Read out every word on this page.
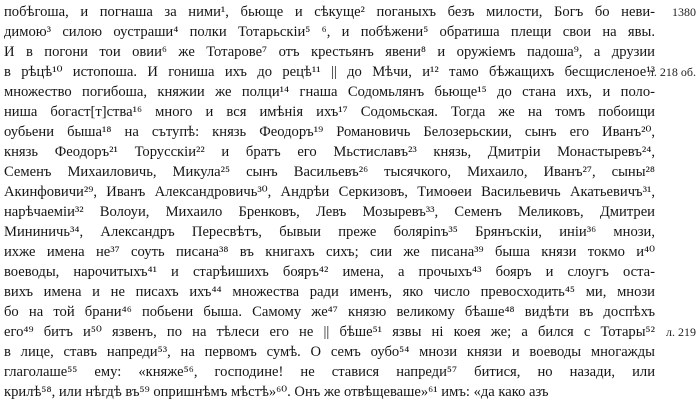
побѣгоша, и погнаша за ними¹, бьюще и сѣкуще² поганыхъ безъ милости, Богъ бо неви-
димою³ силою оустраши⁴ полки Тотарьскiи⁵ ⁶, и побѣжени⁵ обратиша плещи свои на явы.
И в погони тои овии⁶ же Тотарове⁷ отъ крестьянъ явени⁸ и оружiемъ падоша⁹, а друзии
в рѣцѣ¹⁰ истопоша. И гониша ихъ до рецѣ¹¹ || до Мѣчи, и¹² тамо бѣжащихъ бесщисленое¹³
множество погибоша, княжии же полци¹⁴ гнаша Содомьлянъ бьюще¹⁵ до стана ихъ, и поло-
ниша богаст[т]ства¹⁶ много и вся имѣнiя ихъ¹⁷ Содомьская. Тогда же на томъ побоищи
оубьени быша¹⁸ на сътупѣ: князь Феодоръ¹⁹ Романовичь Белозерьскии, сынъ его Иванъ²⁰,
князь Феодоръ²¹ Торусскiи²² и братъ его Мьстиславъ²³ князь, Дмитрiи Монастыревъ²⁴,
Семенъ Михаиловичь, Микула²⁵ сынъ Васильевъ²⁶ тысячкого, Михаило, Иванъ²⁷, сыны²⁸
Акинфовичи²⁹, Иванъ Александровичь³⁰, Андрѣи Серкизовъ, Тимоѳеи Васильевичь Акатьевичъ³¹,
нарѣчаемiи³² Волоуи, Михаило Бренковъ, Левъ Мозыревъ³³, Семенъ Меликовъ, Дмитреи
Мининичь³⁴, Александръ Пересвѣтъ, бывыи прежe болярinъ³⁵ Брянъскiи, инiи³⁶ мнози,
ихже имена не³⁷ соуть писана³⁸ въ книгахъ сихъ; сии же писана³⁹ быша князи токмо и⁴⁰
воеводы, нарочитыхъ⁴¹ и старѣишихъ бояръ⁴² имена, а прочыхъ⁴³ бояръ и слоугъ оста-
вихъ имена и не писахъ ихъ⁴⁴ множества ради именъ, яко число превосходить⁴⁵ ми, мнози
бо на той брани⁴⁶ побьени быша. Самому же⁴⁷ князю великому бѣаше⁴⁸ видѣти въ доспѣхъ
его⁴⁹ битъ и⁵⁰ язвенъ, по на тѣлеси его не || бѣше⁵¹ язвы ні коея же; а бился с Тотары⁵²
в лице, ставъ напреди⁵³, на первомъ сумѣ. О семъ оубо⁵⁴ мнози князи и воеводы многажды
глаголаше⁵⁵ ему: «княже⁵⁶, господине! не ставися напреди⁵⁷ битися, но назади, или
крилѣ⁵⁸, или нѣгдѣ въ⁵⁹ опришнѣмъ мѣстѣ»⁶⁰. Онъ же отвѣщеваше»⁶¹ имъ: «да како азъ
1380
л. 218 об.
л. 219
